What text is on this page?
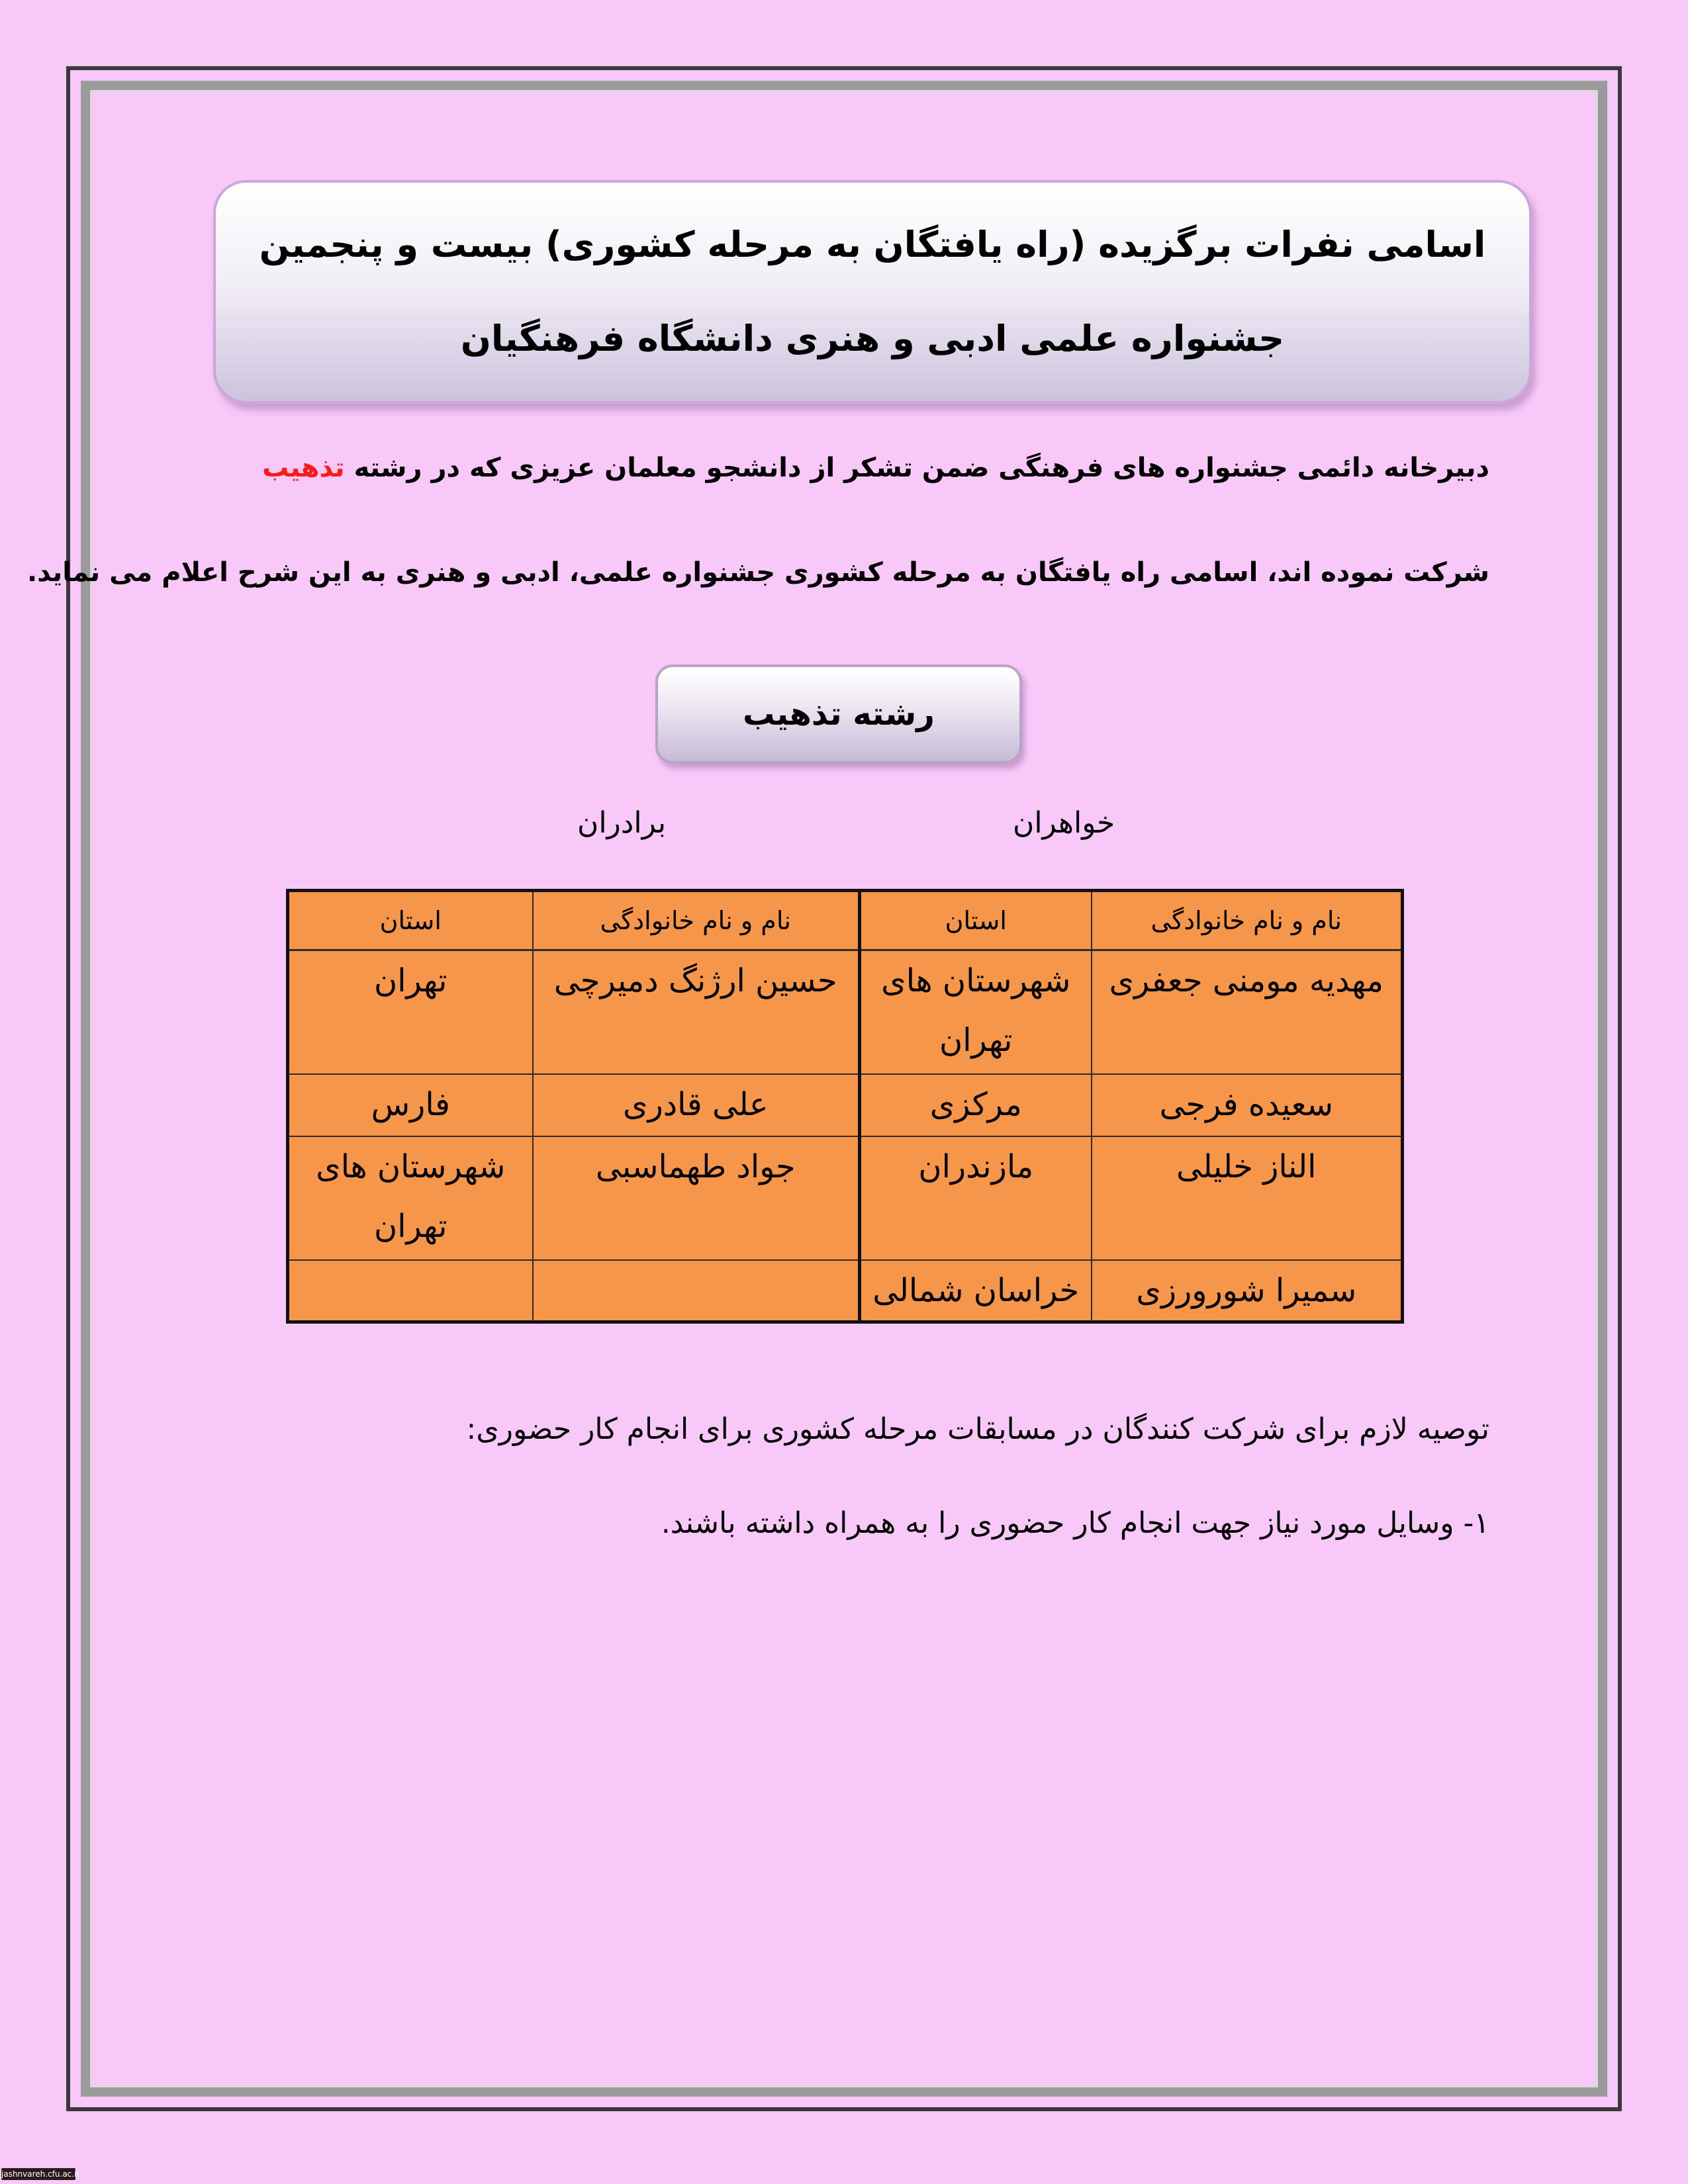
اسامی نفرات برگزیده (راه یافتگان به مرحله کشوری) بیست و پنجمین
جشنواره علمی ادبی و هنری دانشگاه فرهنگیان
دبیرخانه دائمی جشنواره های فرهنگی ضمن تشکر از دانشجو معلمان عزیزی که در رشته تذهیب
شرکت نموده اند، اسامی راه یافتگان به مرحله کشوری جشنواره علمی، ادبی و هنری به این شرح اعلام می نماید.
رشته تذهیب
خواهران
برادران
نام و نام خانوادگی	استان	نام و نام خانوادگی	استان
مهدیه مومنی جعفری	شهرستان های تهران	حسین ارژنگ دمیرچی	تهران
سعیده فرجی	مرکزی	علی قادری	فارس
الناز خلیلی	مازندران	جواد طهماسبی	شهرستان های تهران
سمیرا شورورزی	خراسان شمالی		
توصیه لازم برای شرکت کنندگان در مسابقات مرحله کشوری برای انجام کار حضوری:
۱- وسایل مورد نیاز جهت انجام کار حضوری را به همراه داشته باشند.
jashnvareh.cfu.ac.ir
